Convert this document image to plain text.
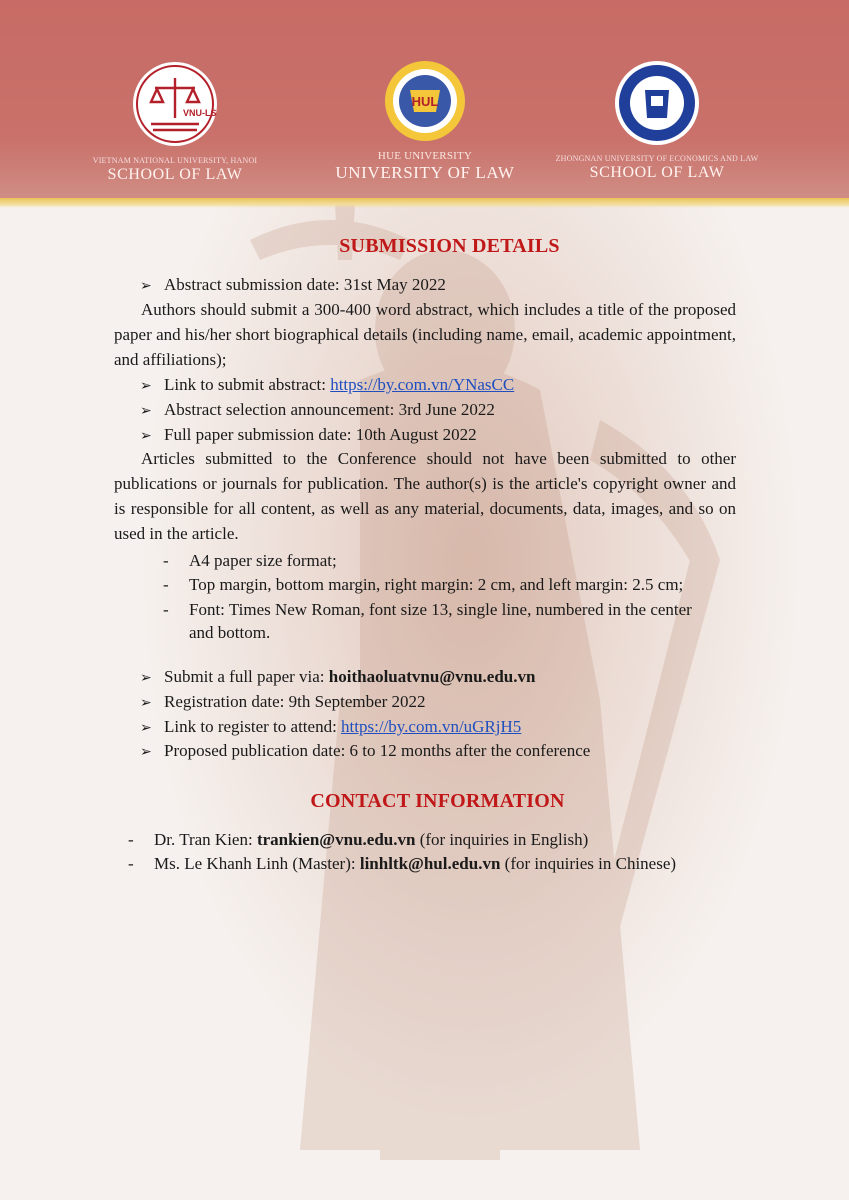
VNU-LS
VIETNAM NATIONAL UNIVERSITY, HANOI
SCHOOL OF LAW
HUL
HUE UNIVERSITY
UNIVERSITY OF LAW
ZHONGNAN UNIVERSITY OF ECONOMICS AND LAW
SCHOOL OF LAW
SUBMISSION DETAILS
➢ Abstract submission date: 31st May 2022
Authors should submit a 300-400 word abstract, which includes a title of the proposed paper and his/her short biographical details (including name, email, academic appointment, and affiliations);
➢ Link to submit abstract: https://by.com.vn/YNasCC
➢ Abstract selection announcement: 3rd June 2022
➢ Full paper submission date: 10th August 2022
Articles submitted to the Conference should not have been submitted to other publications or journals for publication. The author(s) is the article's copyright owner and is responsible for all content, as well as any material, documents, data, images, and so on used in the article.
- A4 paper size format;
- Top margin, bottom margin, right margin: 2 cm, and left margin: 2.5 cm;
- Font: Times New Roman, font size 13, single line, numbered in the center
and bottom.
➢ Submit a full paper via: hoithaoluatvnu@vnu.edu.vn
➢ Registration date: 9th September 2022
➢ Link to register to attend: https://by.com.vn/uGRjH5
➢ Proposed publication date: 6 to 12 months after the conference
CONTACT INFORMATION
- Dr. Tran Kien: trankien@vnu.edu.vn (for inquiries in English)
- Ms. Le Khanh Linh (Master): linhltk@hul.edu.vn (for inquiries in Chinese)
